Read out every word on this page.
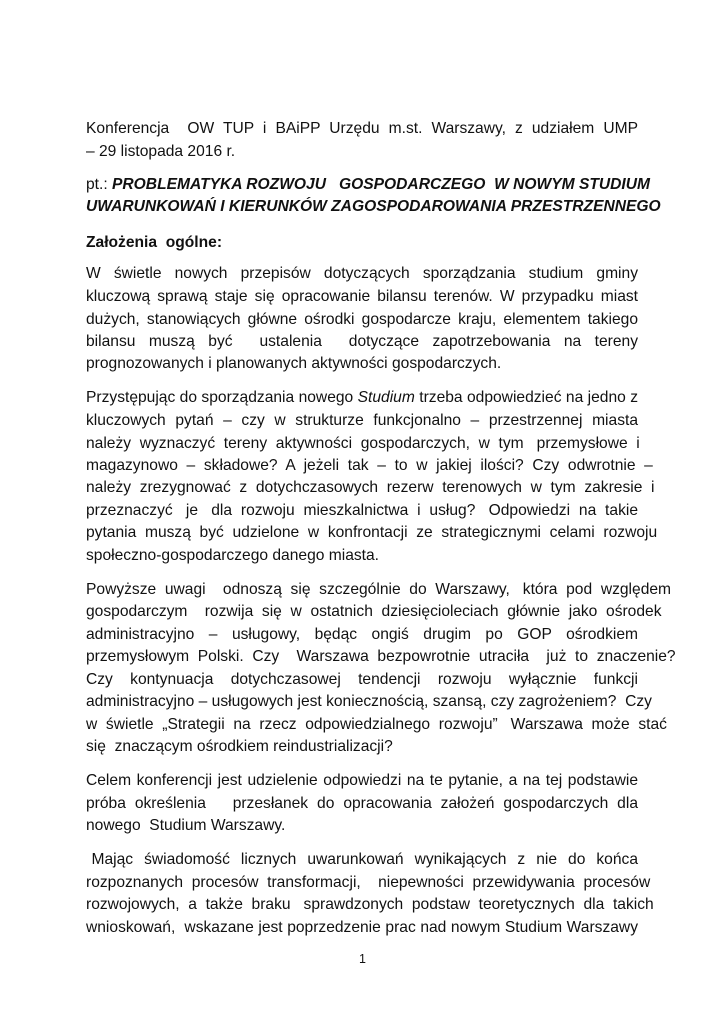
Konferencja  OW TUP i BAiPP Urzędu m.st. Warszawy, z udziałem UMP
– 29 listopada 2016 r.
pt.: PROBLEMATYKA ROZWOJU   GOSPODARCZEGO  W NOWYM STUDIUM
UWARUNKOWAŃ I KIERUNKÓW ZAGOSPODAROWANIA PRZESTRZENNEGO
Założenia  ogólne:
W  świetle  nowych  przepisów  dotyczących  sporządzania  studium  gminy
kluczową sprawą staje się opracowanie bilansu terenów. W przypadku miast
dużych, stanowiących główne ośrodki gospodarcze kraju, elementem takiego
bilansu  muszą  być    ustalenia    dotyczące  zapotrzebowania  na  tereny
prognozowanych i planowanych aktywności gospodarczych.
Przystępując do sporządzania nowego Studium trzeba odpowiedzieć na jedno z
kluczowych  pytań  –  czy  w  strukturze  funkcjonalno  –  przestrzennej  miasta
należy  wyznaczyć  tereny  aktywności  gospodarczych,  w  tym   przemysłowe  i
magazynowo  –  składowe?  A  jeżeli  tak  –  to  w  jakiej  ilości?  Czy  odwrotnie  –
należy  zrezygnować  z  dotychczasowych  rezerw  terenowych  w  tym  zakresie  i
przeznaczyć   je   dla  rozwoju  mieszkalnictwa  i  usług?   Odpowiedzi  na  takie
pytania  muszą  być  udzielone  w  konfrontacji  ze  strategicznymi  celami  rozwoju
społeczno-gospodarczego danego miasta.
Powyższe  uwagi    odnoszą  się  szczególnie  do  Warszawy,   która  pod  względem
gospodarczym    rozwija  się  w  ostatnich  dziesięcioleciach  głównie  jako  ośrodek
administracyjno  –  usługowy,  będąc  ongiś  drugim  po  GOP  ośrodkiem
przemysłowym  Polski.  Czy    Warszawa  bezpowrotnie  utraciła    już  to  znaczenie?
Czy  kontynuacja  dotychczasowej  tendencji  rozwoju  wyłącznie  funkcji
administracyjno – usługowych jest koniecznością, szansą, czy zagrożeniem?  Czy
w  świetle  „Strategii  na  rzecz  odpowiedzialnego  rozwoju”   Warszawa  może  stać
się  znaczącym ośrodkiem reindustrializacji?
Celem konferencji jest udzielenie odpowiedzi na te pytanie, a na tej podstawie
próba  określenia      przesłanek  do  opracowania  założeń  gospodarczych  dla
nowego  Studium Warszawy.
Mając  świadomość  licznych  uwarunkowań  wynikających  z  nie  do  końca
rozpoznanych  procesów  transformacji,    niepewności  przewidywania  procesów
rozwojowych,  a  także  braku   sprawdzonych  podstaw  teoretycznych  dla  takich
wnioskowań,  wskazane jest poprzedzenie prac nad nowym Studium Warszawy
1
